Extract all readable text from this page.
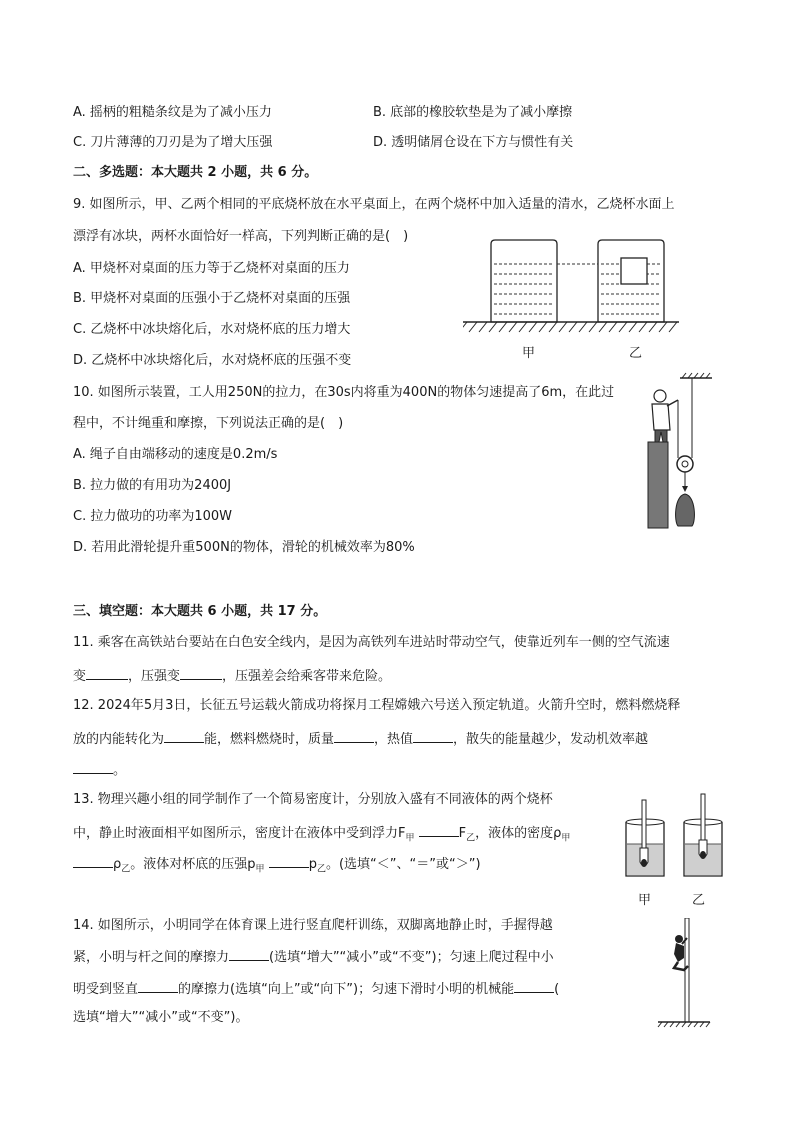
A. 摇柄的粗糙条纹是为了减小压力	B. 底部的橡胶软垫是为了减小摩擦
C. 刀片薄薄的刀刃是为了增大压强	D. 透明储屑仓设在下方与惯性有关
二、多选题：本大题共 2 小题，共 6 分。
9. 如图所示，甲、乙两个相同的平底烧杯放在水平桌面上，在两个烧杯中加入适量的清水，乙烧杯水面上
漂浮有冰块，两杯水面恰好一样高，下列判断正确的是(　)
A. 甲烧杯对桌面的压力等于乙烧杯对桌面的压力
B. 甲烧杯对桌面的压强小于乙烧杯对桌面的压强
C. 乙烧杯中冰块熔化后，水对烧杯底的压力增大
D. 乙烧杯中冰块熔化后，水对烧杯底的压强不变	甲	乙
10. 如图所示装置，工人用250N的拉力，在30s内将重为400N的物体匀速提高了6m，在此过
程中，不计绳重和摩擦，下列说法正确的是(　)
A. 绳子自由端移动的速度是0.2m/s
B. 拉力做的有用功为2400J
C. 拉力做功的功率为100W
D. 若用此滑轮提升重500N的物体，滑轮的机械效率为80%
三、填空题：本大题共 6 小题，共 17 分。
11. 乘客在高铁站台要站在白色安全线内，是因为高铁列车进站时带动空气，使靠近列车一侧的空气流速
变	，压强变	，压强差会给乘客带来危险。
12. 2024年5月3日，长征五号运载火箭成功将探月工程嫦娥六号送入预定轨道。火箭升空时，燃料燃烧释
放的内能转化为	能，燃料燃烧时，质量	，热值	，散失的能量越少，发动机效率越
。
13. 物理兴趣小组的同学制作了一个简易密度计，分别放入盛有不同液体的两个烧杯
中，静止时液面相平如图所示，密度计在液体中受到浮力$F_甲$	$F_乙$，液体的密度$\rho_甲$
$\rho_乙$。液体对杯底的压强$p_甲$	$p_乙$。(选填“＜”、“＝”或“＞”)
甲	乙
14. 如图所示，小明同学在体育课上进行竖直爬杆训练，双脚离地静止时，手握得越
紧，小明与杆之间的摩擦力	(选填“增大”“减小”或“不变”)；匀速上爬过程中小
明受到竖直	的摩擦力(选填“向上”或“向下”)；匀速下滑时小明的机械能	(
选填“增大”“减小”或“不变”)。
